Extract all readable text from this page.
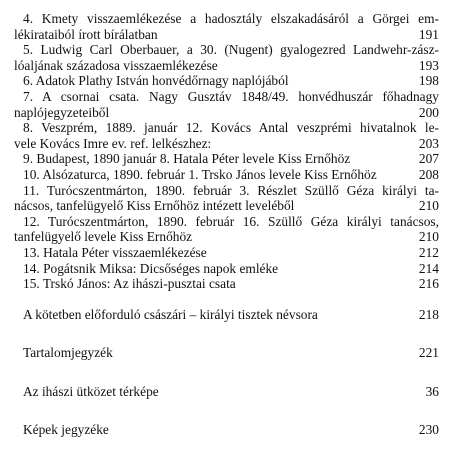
4. Kmety visszaemlékezése a hadosztály elszakadásáról a Görgei em-
lékirataiból írott bírálatban	191
5. Ludwig Carl Oberbauer, a 30. (Nugent) gyalogezred Landwehr-zász-
lóaljának századosa visszaemlékezése	193
6. Adatok Plathy István honvédőrnagy naplójából	198
7. A csornai csata. Nagy Gusztáv 1848/49. honvédhuszár főhadnagy
naplójegyzeteiből	200
8. Veszprém, 1889. január 12. Kovács Antal veszprémi hivatalnok le-
vele Kovács Imre ev. ref. lelkészhez:	203
9. Budapest, 1890 január 8. Hatala Péter levele Kiss Ernőhöz	207
10. Alsózaturca, 1890. február 1. Trsko János levele Kiss Ernőhöz	208
11. Turócszentmárton, 1890. február 3. Részlet Szüllő Géza királyi ta-
nácsos, tanfelügyelő Kiss Ernőhöz intézett leveléből	210
12. Turócszentmárton, 1890. február 16. Szüllő Géza királyi tanácsos,
tanfelügyelő levele Kiss Ernőhöz	210
13. Hatala Péter visszaemlékezése	212
14. Pogátsnik Miksa: Dicsőséges napok emléke	214
15. Trskó János: Az ihászi-pusztai csata	216
A kötetben előforduló császári – királyi tisztek névsora	218
Tartalomjegyzék	221
Az ihászi ütközet térképe	36
Képek jegyzéke	230
